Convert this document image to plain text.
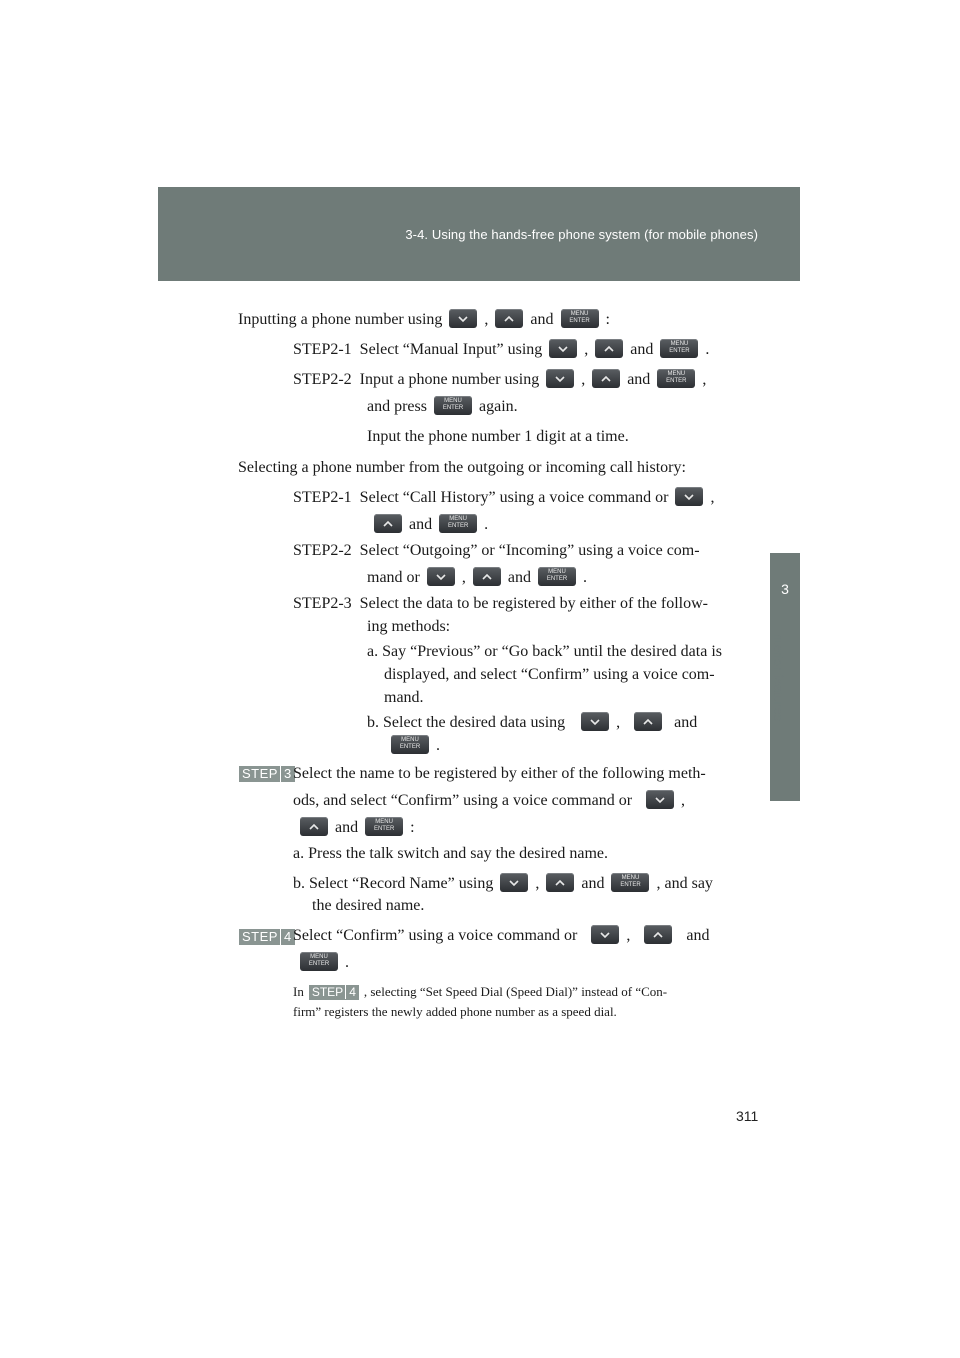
3-4. Using the hands-free phone system (for mobile phones)
3
Interior features
Inputting a phone number using	,	and	MENU ENTER :
STEP2-1 Select “Manual Input” using	,	and	MENU ENTER .
STEP2-2 Input a phone number using	,	and	MENU ENTER ,
and press	MENU ENTER again.
Input the phone number 1 digit at a time.
Selecting a phone number from the outgoing or incoming call history:
STEP2-1 Select “Call History” using a voice command or	,
and	MENU ENTER .
STEP2-2 Select “Outgoing” or “Incoming” using a voice com-
mand or	,	and	MENU ENTER .
STEP2-3 Select the data to be registered by either of the follow-
ing methods:
a. Say “Previous” or “Go back” until the desired data is
displayed, and select “Confirm” using a voice com-
mand.
b. Select the desired data using	,	and
MENU ENTER .
STEP 3 Select the name to be registered by either of the following meth-
ods, and select “Confirm” using a voice command or	,
and	MENU ENTER :
a. Press the talk switch and say the desired name.
b. Select “Record Name” using	,	and	MENU ENTER , and say
the desired name.
STEP 4 Select “Confirm” using a voice command or	,	and
MENU ENTER .
In STEP 4 , selecting “Set Speed Dial (Speed Dial)” instead of “Con-
firm” registers the newly added phone number as a speed dial.
311
